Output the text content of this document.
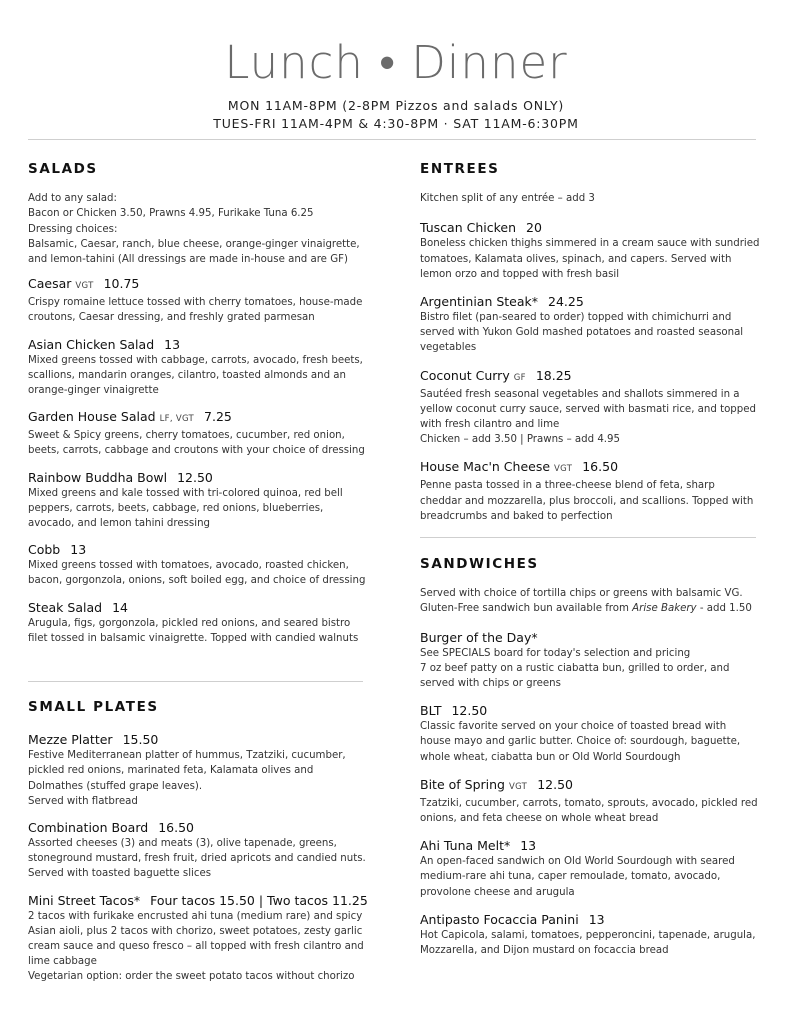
Lunch • Dinner
MON 11AM-8PM (2-8PM Pizzos and salads ONLY)
TUES-FRI 11AM-4PM & 4:30-8PM · SAT 11AM-6:30PM
SALADS
Add to any salad:
Bacon or Chicken 3.50, Prawns 4.95, Furikake Tuna 6.25
Dressing choices:
Balsamic, Caesar, ranch, blue cheese, orange-ginger vinaigrette,
and lemon-tahini (All dressings are made in-house and are GF)
Caesar VGT 10.75
Crispy romaine lettuce tossed with cherry tomatoes, house-made
croutons, Caesar dressing, and freshly grated parmesan
Asian Chicken Salad 13
Mixed greens tossed with cabbage, carrots, avocado, fresh beets,
scallions, mandarin oranges, cilantro, toasted almonds and an
orange-ginger vinaigrette
Garden House Salad LF, VGT 7.25
Sweet & Spicy greens, cherry tomatoes, cucumber, red onion,
beets, carrots, cabbage and croutons with your choice of dressing
Rainbow Buddha Bowl 12.50
Mixed greens and kale tossed with tri-colored quinoa, red bell
peppers, carrots, beets, cabbage, red onions, blueberries,
avocado, and lemon tahini dressing
Cobb 13
Mixed greens tossed with tomatoes, avocado, roasted chicken,
bacon, gorgonzola, onions, soft boiled egg, and choice of dressing
Steak Salad 14
Arugula, figs, gorgonzola, pickled red onions, and seared bistro
filet tossed in balsamic vinaigrette. Topped with candied walnuts
SMALL PLATES
Mezze Platter 15.50
Festive Mediterranean platter of hummus, Tzatziki, cucumber,
pickled red onions, marinated feta, Kalamata olives and
Dolmathes (stuffed grape leaves).
Served with flatbread
Combination Board 16.50
Assorted cheeses (3) and meats (3), olive tapenade, greens,
stoneground mustard, fresh fruit, dried apricots and candied nuts.
Served with toasted baguette slices
Mini Street Tacos* Four tacos 15.50 | Two tacos 11.25
2 tacos with furikake encrusted ahi tuna (medium rare) and spicy
Asian aioli, plus 2 tacos with chorizo, sweet potatoes, zesty garlic
cream sauce and queso fresco – all topped with fresh cilantro and
lime cabbage
Vegetarian option: order the sweet potato tacos without chorizo
ENTREES
Kitchen split of any entrée – add 3
Tuscan Chicken 20
Boneless chicken thighs simmered in a cream sauce with sundried
tomatoes, Kalamata olives, spinach, and capers. Served with
lemon orzo and topped with fresh basil
Argentinian Steak* 24.25
Bistro filet (pan-seared to order) topped with chimichurri and
served with Yukon Gold mashed potatoes and roasted seasonal
vegetables
Coconut Curry GF 18.25
Sautéed fresh seasonal vegetables and shallots simmered in a
yellow coconut curry sauce, served with basmati rice, and topped
with fresh cilantro and lime
Chicken – add 3.50 | Prawns – add 4.95
House Mac'n Cheese VGT 16.50
Penne pasta tossed in a three-cheese blend of feta, sharp
cheddar and mozzarella, plus broccoli, and scallions. Topped with
breadcrumbs and baked to perfection
SANDWICHES
Served with choice of tortilla chips or greens with balsamic VG.
Gluten-Free sandwich bun available from Arise Bakery - add 1.50
Burger of the Day*
See SPECIALS board for today's selection and pricing
7 oz beef patty on a rustic ciabatta bun, grilled to order, and
served with chips or greens
BLT 12.50
Classic favorite served on your choice of toasted bread with
house mayo and garlic butter. Choice of: sourdough, baguette,
whole wheat, ciabatta bun or Old World Sourdough
Bite of Spring VGT 12.50
Tzatziki, cucumber, carrots, tomato, sprouts, avocado, pickled red
onions, and feta cheese on whole wheat bread
Ahi Tuna Melt* 13
An open-faced sandwich on Old World Sourdough with seared
medium-rare ahi tuna, caper remoulade, tomato, avocado,
provolone cheese and arugula
Antipasto Focaccia Panini 13
Hot Capicola, salami, tomatoes, pepperoncini, tapenade, arugula,
Mozzarella, and Dijon mustard on focaccia bread
